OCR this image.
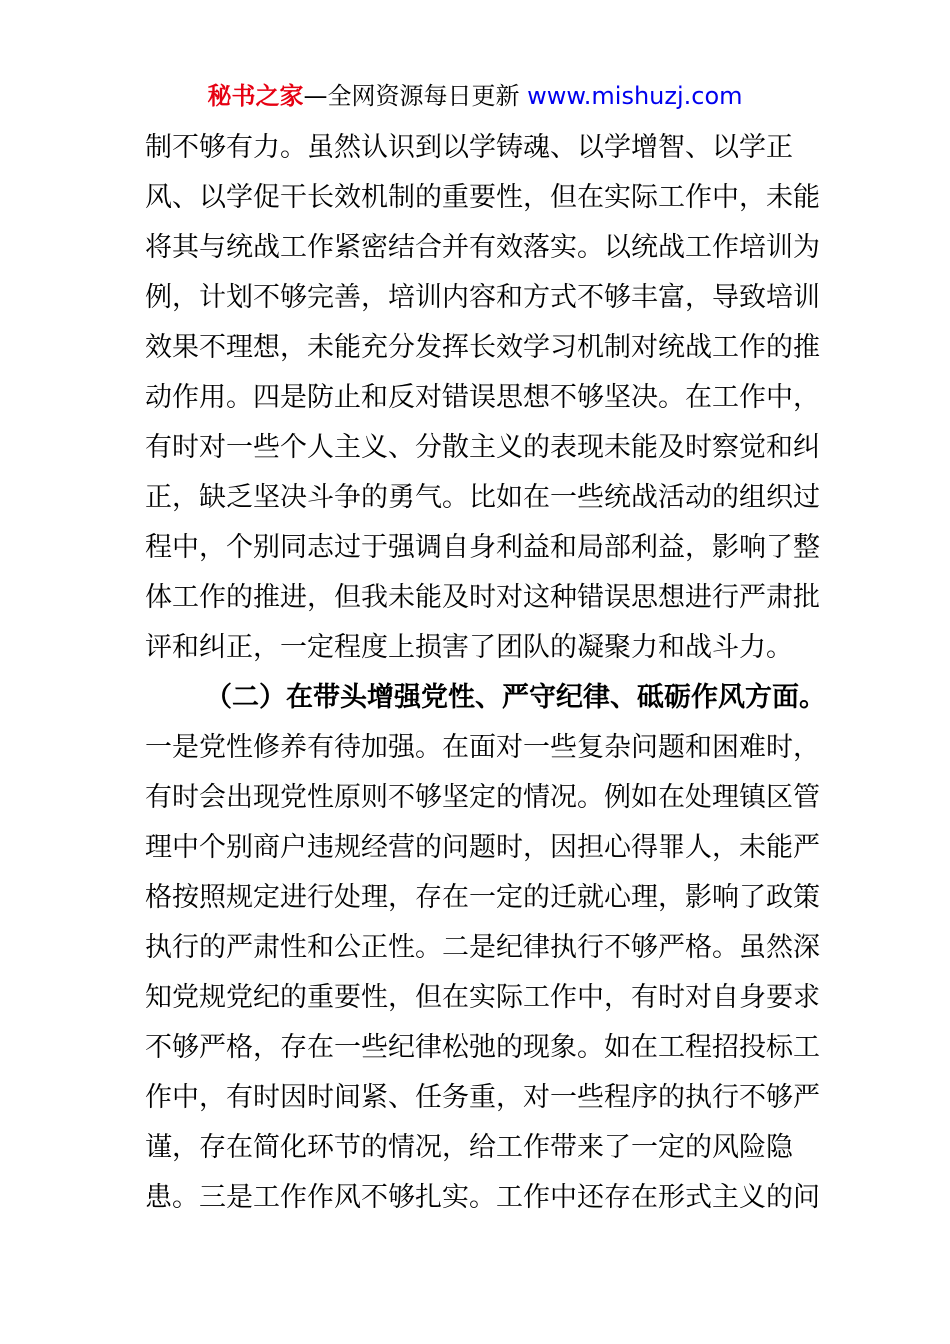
秘书之家—全网资源每日更新 www.mishuzj.com
制不够有力。虽然认识到以学铸魂、以学增智、以学正
风、以学促干长效机制的重要性，但在实际工作中，未能
将其与统战工作紧密结合并有效落实。以统战工作培训为
例，计划不够完善，培训内容和方式不够丰富，导致培训
效果不理想，未能充分发挥长效学习机制对统战工作的推
动作用。四是防止和反对错误思想不够坚决。在工作中，
有时对一些个人主义、分散主义的表现未能及时察觉和纠
正，缺乏坚决斗争的勇气。比如在一些统战活动的组织过
程中，个别同志过于强调自身利益和局部利益，影响了整
体工作的推进，但我未能及时对这种错误思想进行严肃批
评和纠正，一定程度上损害了团队的凝聚力和战斗力。
（二）在带头增强党性、严守纪律、砥砺作风方面。
一是党性修养有待加强。在面对一些复杂问题和困难时，
有时会出现党性原则不够坚定的情况。例如在处理镇区管
理中个别商户违规经营的问题时，因担心得罪人，未能严
格按照规定进行处理，存在一定的迁就心理，影响了政策
执行的严肃性和公正性。二是纪律执行不够严格。虽然深
知党规党纪的重要性，但在实际工作中，有时对自身要求
不够严格，存在一些纪律松弛的现象。如在工程招投标工
作中，有时因时间紧、任务重，对一些程序的执行不够严
谨，存在简化环节的情况，给工作带来了一定的风险隐
患。三是工作作风不够扎实。工作中还存在形式主义的问
